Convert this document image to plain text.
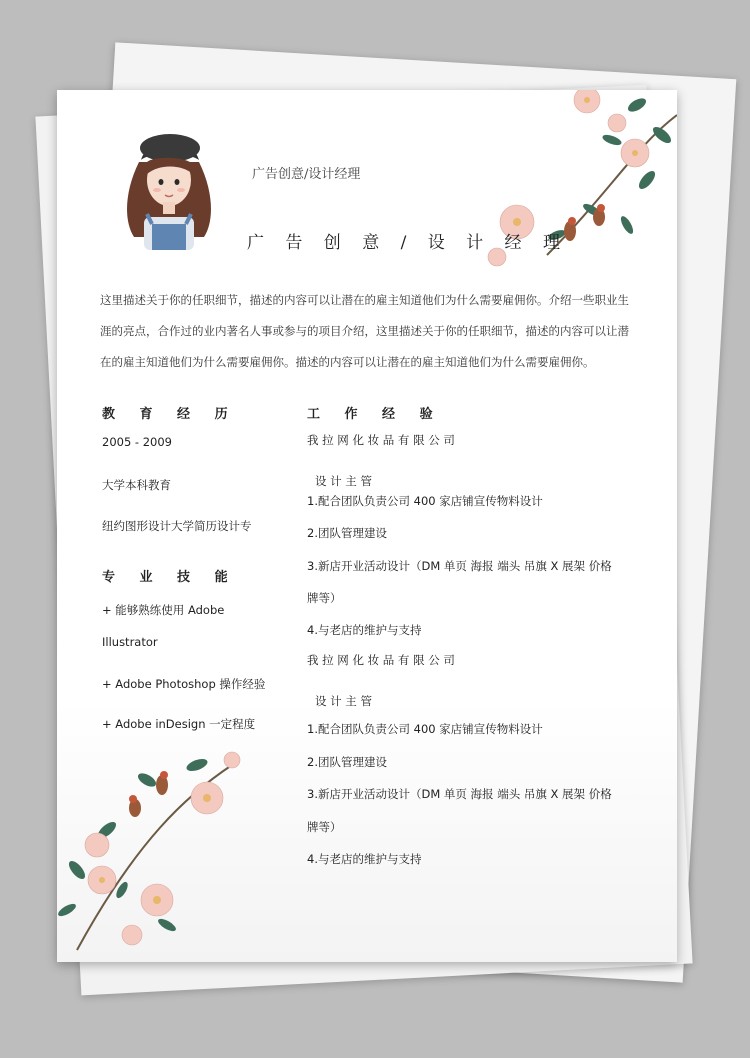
广告创意/设计经理
广 告 创 意 / 设 计 经 理
这里描述关于你的任职细节，描述的内容可以让潜在的雇主知道他们为什么需要雇佣你。介绍一些职业生涯的亮点，合作过的业内著名人事或参与的项目介绍，这里描述关于你的任职细节，描述的内容可以让潜在的雇主知道他们为什么需要雇佣你。描述的内容可以让潜在的雇主知道他们为什么需要雇佣你。
教 育 经 历
2005 - 2009
大学本科教育
纽约图形设计大学简历设计专
专 业 技 能
+ 能够熟练使用 Adobe
Illustrator
+ Adobe Photoshop 操作经验
+ Adobe inDesign 一定程度
工 作 经 验
我 拉 网 化 妆 品 有 限 公 司
设 计 主 管
1.配合团队负责公司 400 家店铺宣传物料设计
2.团队管理建设
3.新店开业活动设计（DM 单页 海报 端头 吊旗 X 展架 价格
牌等）
4.与老店的维护与支持
我 拉 网 化 妆 品 有 限 公 司
设 计 主 管
1.配合团队负责公司 400 家店铺宣传物料设计
2.团队管理建设
3.新店开业活动设计（DM 单页 海报 端头 吊旗 X 展架 价格
牌等）
4.与老店的维护与支持
